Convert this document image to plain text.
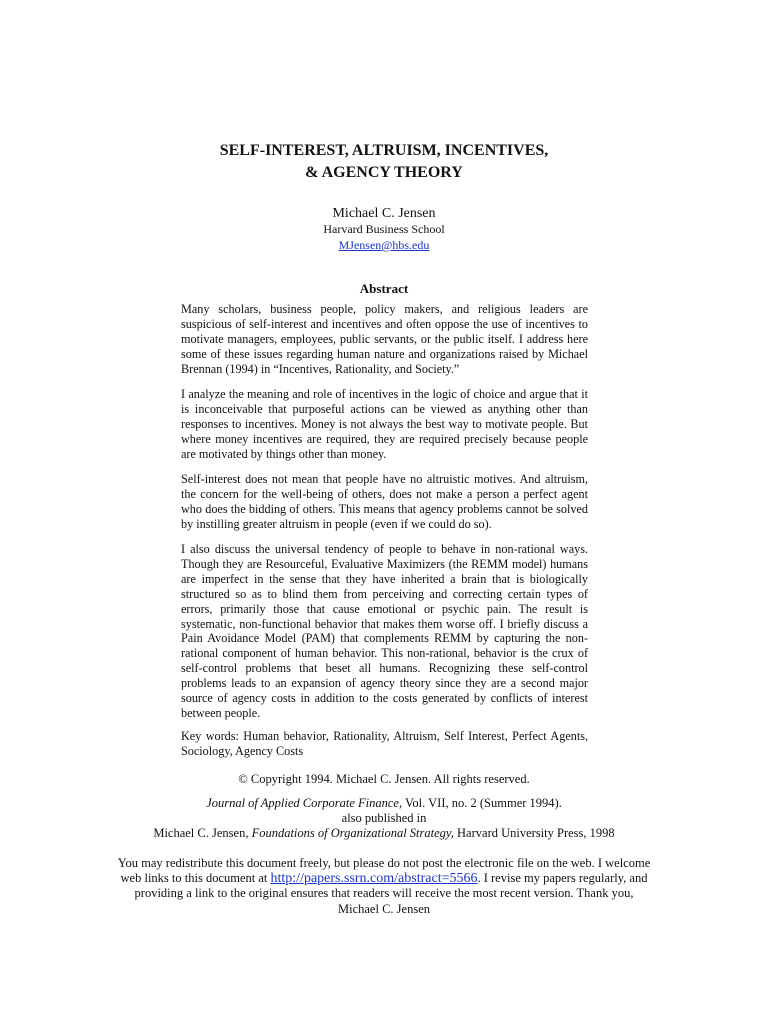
SELF-INTEREST, ALTRUISM, INCENTIVES,
& AGENCY THEORY
Michael C. Jensen
Harvard Business School
MJensen@hbs.edu
Abstract

Many scholars, business people, policy makers, and religious leaders are suspicious of self-interest and incentives and often oppose the use of incentives to motivate managers, employees, public servants, or the public itself. I address here some of these issues regarding human nature and organizations raised by Michael Brennan (1994) in “Incentives, Rationality, and Society.”

I analyze the meaning and role of incentives in the logic of choice and argue that it is inconceivable that purposeful actions can be viewed as anything other than responses to incentives. Money is not always the best way to motivate people. But where money incentives are required, they are required precisely because people are motivated by things other than money.

Self-interest does not mean that people have no altruistic motives. And altruism, the concern for the well-being of others, does not make a person a perfect agent who does the bidding of others. This means that agency problems cannot be solved by instilling greater altruism in people (even if we could do so).

I also discuss the universal tendency of people to behave in non-rational ways. Though they are Resourceful, Evaluative Maximizers (the REMM model) humans are imperfect in the sense that they have inherited a brain that is biologically structured so as to blind them from perceiving and correcting certain types of errors, primarily those that cause emotional or psychic pain. The result is systematic, non-functional behavior that makes them worse off. I briefly discuss a Pain Avoidance Model (PAM) that complements REMM by capturing the non-rational component of human behavior. This non-rational, behavior is the crux of self-control problems that beset all humans. Recognizing these self-control problems leads to an expansion of agency theory since they are a second major source of agency costs in addition to the costs generated by conflicts of interest between people.

Key words: Human behavior, Rationality, Altruism, Self Interest, Perfect Agents, Sociology, Agency Costs

© Copyright 1994. Michael C. Jensen. All rights reserved.
Journal of Applied Corporate Finance, Vol. VII, no. 2 (Summer 1994).
also published in
Michael C. Jensen, Foundations of Organizational Strategy, Harvard University Press, 1998
You may redistribute this document freely, but please do not post the electronic file on the web. I welcome web links to this document at http://papers.ssrn.com/abstract=5566. I revise my papers regularly, and providing a link to the original ensures that readers will receive the most recent version. Thank you,
Michael C. Jensen
